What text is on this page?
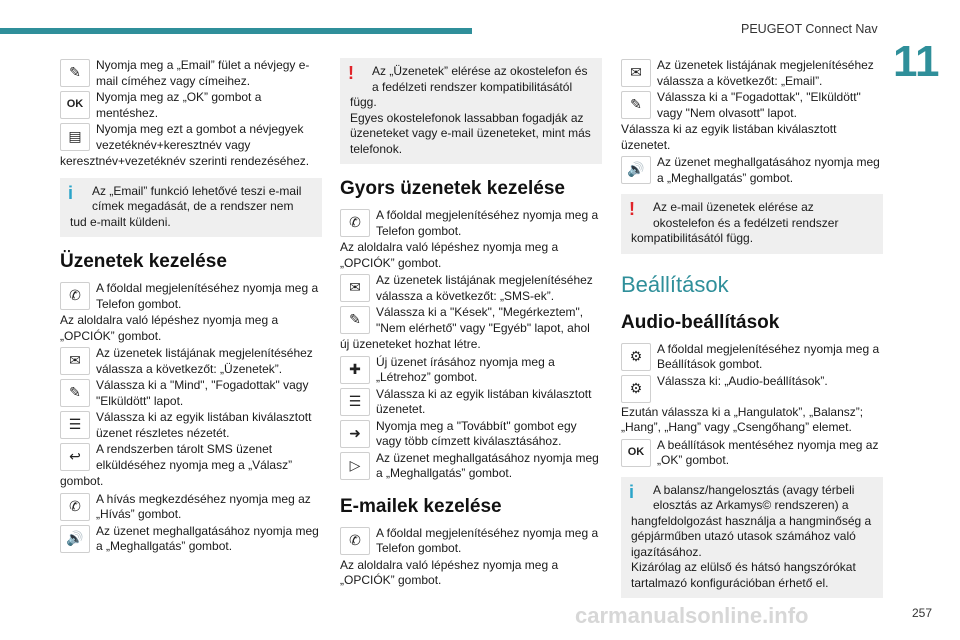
PEUGEOT Connect Nav
11
✎	Nyomja meg a „Email” fület a névjegy e-mail címéhez vagy címeihez.
OK
Nyomja meg az „OK” gombot a mentéshez.
▤	Nyomja meg ezt a gombot a névjegyek vezetéknév+keresztnév vagy
keresztnév+vezetéknév szerinti rendezéséhez.
i	Az „Email” funkció lehetővé teszi e-mail címek megadását, de a rendszer nem
tud e-mailt küldeni.
Üzenetek kezelése
✆	A főoldal megjelenítéséhez nyomja meg a Telefon gombot.
Az aloldalra való lépéshez nyomja meg a „OPCIÓK” gombot.
✉	Az üzenetek listájának megjelenítéséhez válassza a következőt: „Üzenetek”.
✎	Válassza ki a "Mind", "Fogadottak" vagy "Elküldött" lapot.
☰	Válassza ki az egyik listában kiválasztott üzenet részletes nézetét.
↩	A rendszerben tárolt SMS üzenet elküldéséhez nyomja meg a „Válasz”
gombot.
✆	A hívás megkezdéséhez nyomja meg az „Hívás” gombot.
🔊	Az üzenet meghallgatásához nyomja meg a „Meghallgatás” gombot.
!	Az „Üzenetek” elérése az okostelefon és a fedélzeti rendszer kompatibilitásától
függ.
Egyes okostelefonok lassabban fogadják az üzeneteket vagy e-mail üzeneteket, mint más telefonok.
Gyors üzenetek kezelése
✆	A főoldal megjelenítéséhez nyomja meg a Telefon gombot.
Az aloldalra való lépéshez nyomja meg a „OPCIÓK” gombot.
✉	Az üzenetek listájának megjelenítéséhez válassza a következőt: „SMS-ek”.
✎	Válassza ki a "Kések", "Megérkeztem", "Nem elérhető" vagy "Egyéb" lapot, ahol
új üzeneteket hozhat létre.
✚	Új üzenet írásához nyomja meg a „Létrehoz” gombot.
☰	Válassza ki az egyik listában kiválasztott üzenetet.
➜	Nyomja meg a "Továbbít" gombot egy vagy több címzett kiválasztásához.
▷	Az üzenet meghallgatásához nyomja meg a „Meghallgatás” gombot.
E-mailek kezelése
✆	A főoldal megjelenítéséhez nyomja meg a Telefon gombot.
Az aloldalra való lépéshez nyomja meg a „OPCIÓK” gombot.
✉	Az üzenetek listájának megjelenítéséhez válassza a következőt: „Email”.
✎	Válassza ki a "Fogadottak", "Elküldött" vagy "Nem olvasott" lapot.
Válassza ki az egyik listában kiválasztott üzenetet.
🔊	Az üzenet meghallgatásához nyomja meg a „Meghallgatás” gombot.
!	Az e-mail üzenetek elérése az okostelefon és a fedélzeti rendszer
kompatibilitásától függ.
Beállítások
Audio-beállítások
⚙	A főoldal megjelenítéséhez nyomja meg a Beállítások gombot.
⚙	Válassza ki: „Audio-beállítások”.
Ezután válassza ki a „Hangulatok”, „Balansz”; „Hang”, „Hang” vagy „Csengőhang” elemet.
OK
A beállítások mentéséhez nyomja meg az „OK” gombot.
i	A balansz/hangelosztás (avagy térbeli elosztás az Arkamys© rendszeren) a
hangfeldolgozást használja a hangminőség a gépjárműben utazó utasok számához való igazításához.
Kizárólag az elülső és hátsó hangszórókat tartalmazó konfigurációban érhető el.
carmanualsonline.info	257
